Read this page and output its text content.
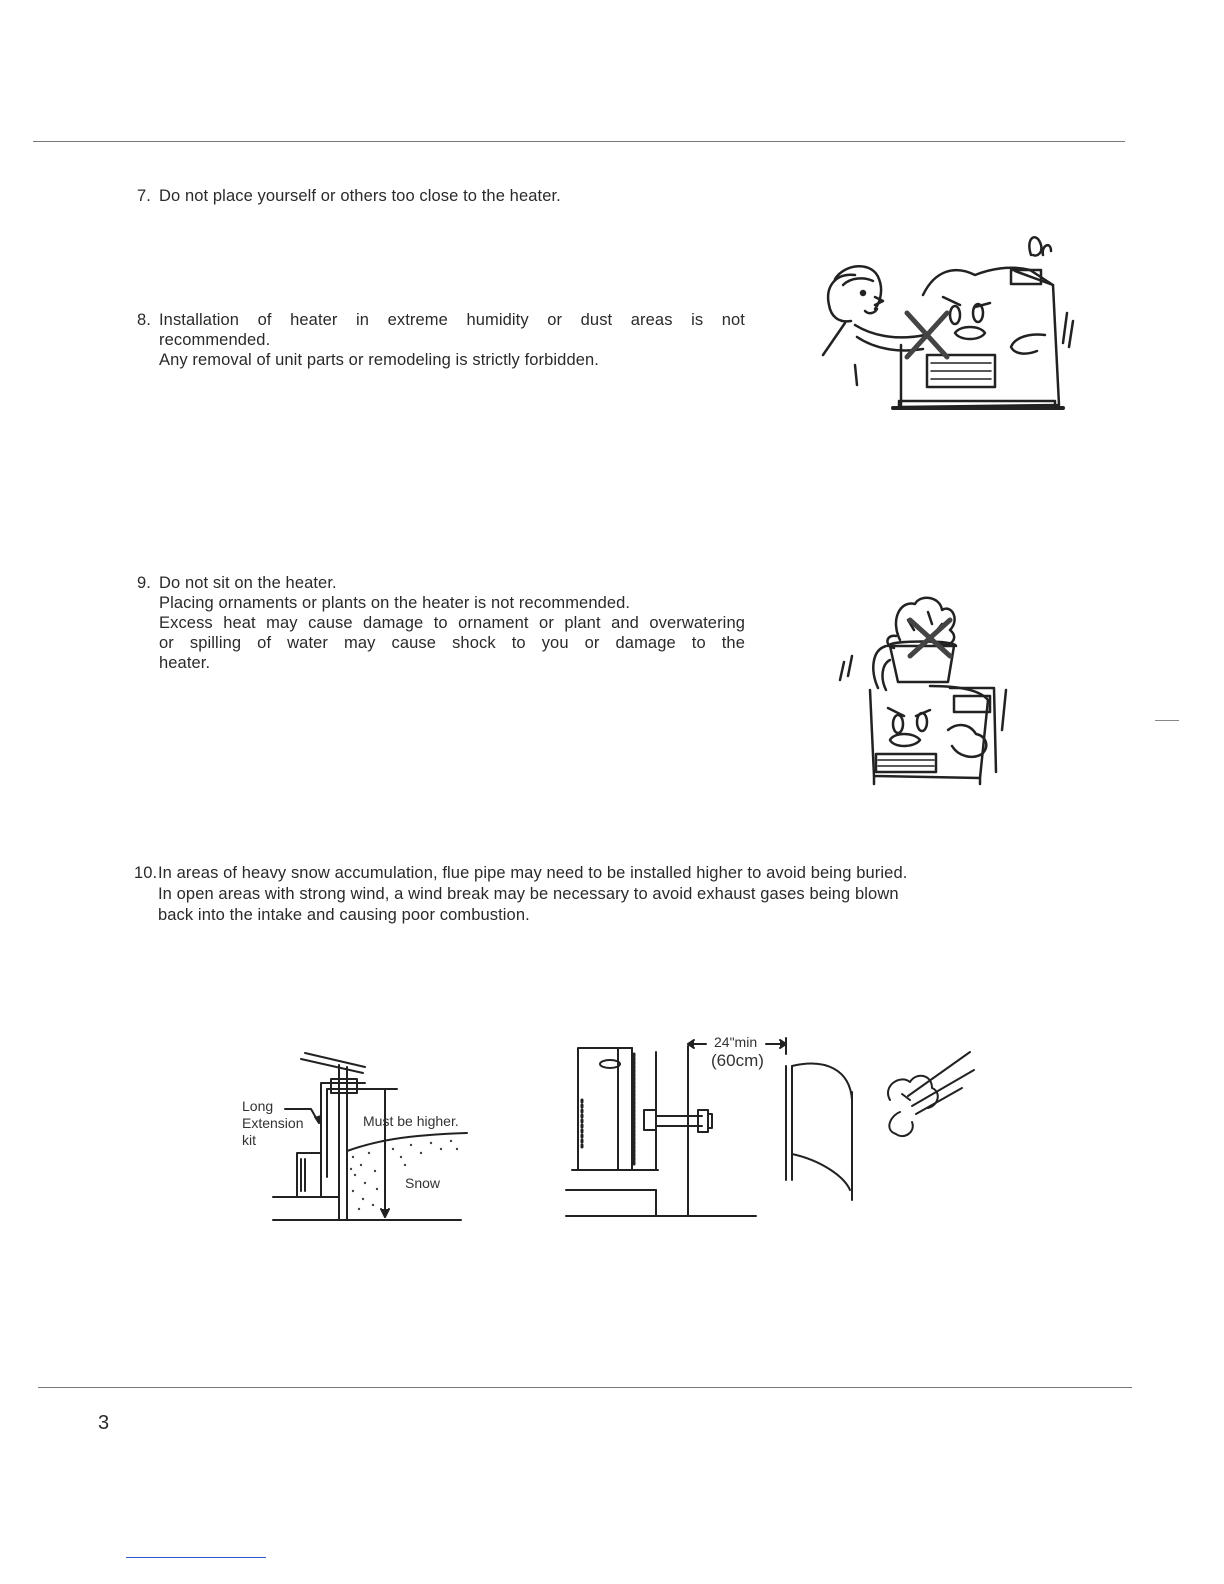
7. Do not place yourself or others too close to the heater.
8. Installation of heater in extreme humidity or dust areas is not
recommended.
Any removal of unit parts or remodeling is strictly forbidden.
9. Do not sit on the heater.
Placing ornaments or plants on the heater is not recommended.
Excess heat may cause damage to ornament or plant and overwatering
or spilling of water may cause shock to you or damage to the
heater.
10. In areas of heavy snow accumulation, flue pipe may need to be installed higher to avoid being buried.
In open areas with strong wind, a wind break may be necessary to avoid exhaust gases being blown
back into the intake and causing poor combustion.
Long
Extension
kit
Must be higher.
Snow
24"min
(60cm)
3
